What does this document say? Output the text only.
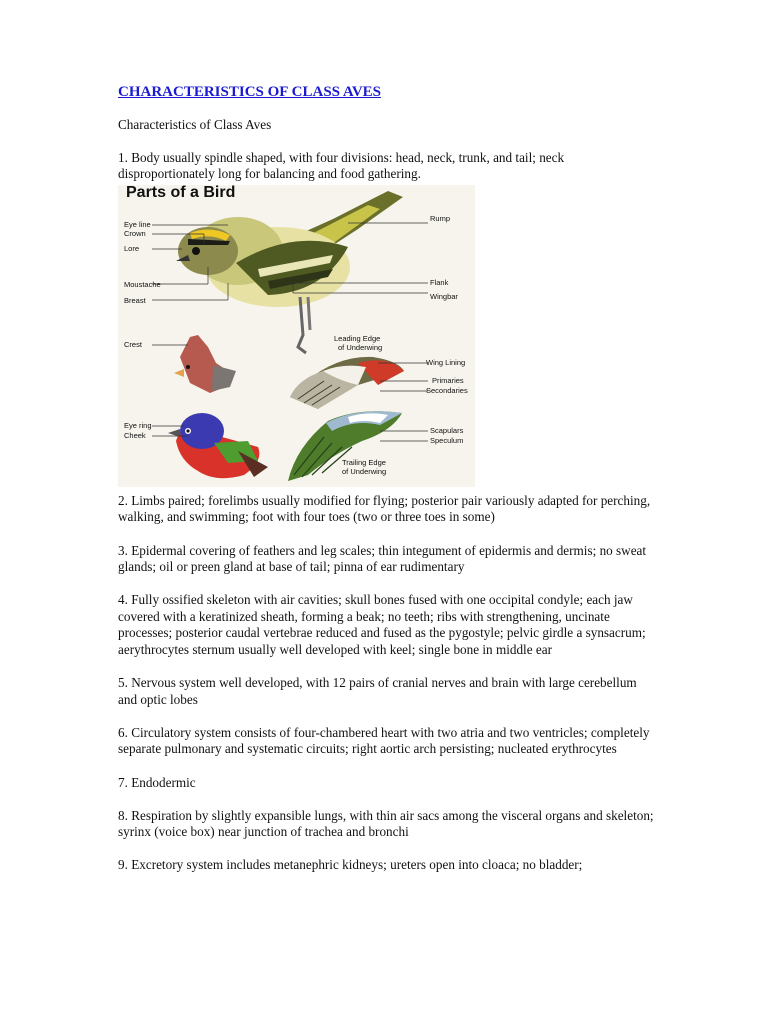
CHARACTERISTICS OF CLASS AVES

Characteristics of Class Aves

1. Body usually spindle shaped, with four divisions: head, neck, trunk, and tail; neck disproportionately long for balancing and food gathering.

Parts of a Bird
Eye line
Crown
Lore
Moustache
Breast
Crest
Eye ring
Cheek
Rump
Flank
Wingbar
Leading Edge
of Underwing
Wing Lining
Primaries
Secondaries
Scapulars
Speculum
Trailing Edge
of Underwing

2. Limbs paired; forelimbs usually modified for flying; posterior pair variously adapted for perching, walking, and swimming; foot with four toes (two or three toes in some)

3. Epidermal covering of feathers and leg scales; thin integument of epidermis and dermis; no sweat glands; oil or preen gland at base of tail; pinna of ear rudimentary

4. Fully ossified skeleton with air cavities; skull bones fused with one occipital condyle; each jaw covered with a keratinized sheath, forming a beak; no teeth; ribs with strengthening, uncinate processes; posterior caudal vertebrae reduced and fused as the pygostyle; pelvic girdle a synsacrum; aerythrocytes sternum usually well developed with keel; single bone in middle ear

5. Nervous system well developed, with 12 pairs of cranial nerves and brain with large cerebellum and optic lobes

6. Circulatory system consists of four-chambered heart with two atria and two ventricles; completely separate pulmonary and systematic circuits; right aortic arch persisting; nucleated erythrocytes

7. Endodermic

8. Respiration by slightly expansible lungs, with thin air sacs among the visceral organs and skeleton; syrinx (voice box) near junction of trachea and bronchi

9. Excretory system includes metanephric kidneys; ureters open into cloaca; no bladder;
